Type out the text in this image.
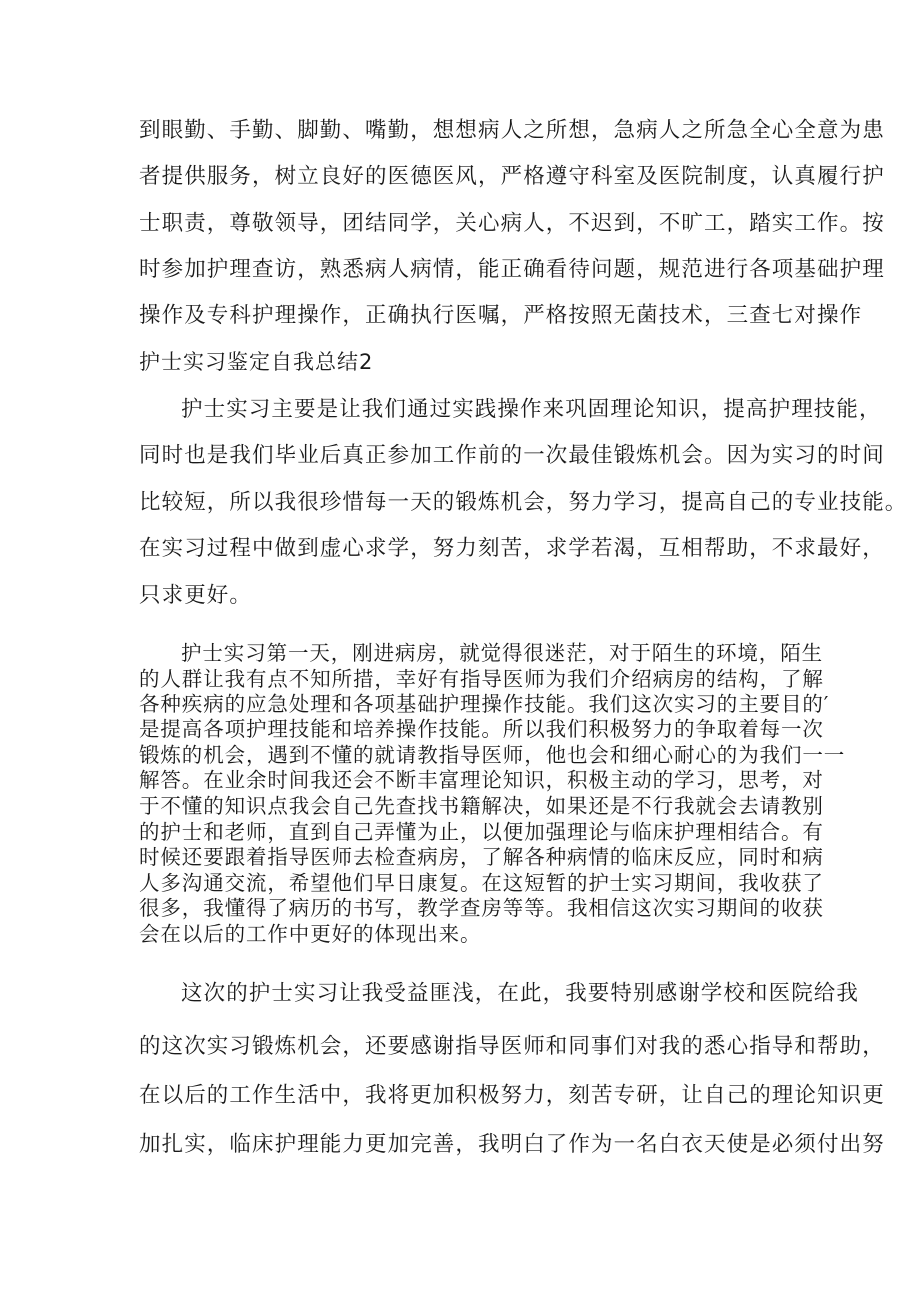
到眼勤、手勤、脚勤、嘴勤，想想病人之所想，急病人之所急全心全意为患
者提供服务，树立良好的医德医风，严格遵守科室及医院制度，认真履行护
士职责，尊敬领导，团结同学，关心病人，不迟到，不旷工，踏实工作。按
时参加护理查访，熟悉病人病情，能正确看待问题，规范进行各项基础护理
操作及专科护理操作，正确执行医嘱，严格按照无菌技术，三查七对操作
护士实习鉴定自我总结2
护士实习主要是让我们通过实践操作来巩固理论知识，提高护理技能，
同时也是我们毕业后真正参加工作前的一次最佳锻炼机会。因为实习的时间
比较短，所以我很珍惜每一天的锻炼机会，努力学习，提高自己的专业技能。
在实习过程中做到虚心求学，努力刻苦，求学若渴，互相帮助，不求最好，
只求更好。
护士实习第一天，刚进病房，就觉得很迷茫，对于陌生的环境，陌生
的人群让我有点不知所措，幸好有指导医师为我们介绍病房的结构，了解
各种疾病的应急处理和各项基础护理操作技能。我们这次实习的主要目的′
是提高各项护理技能和培养操作技能。所以我们积极努力的争取着每一次
锻炼的机会，遇到不懂的就请教指导医师，他也会和细心耐心的为我们一一
解答。在业余时间我还会不断丰富理论知识，积极主动的学习，思考，对
于不懂的知识点我会自己先查找书籍解决，如果还是不行我就会去请教别
的护士和老师，直到自己弄懂为止，以便加强理论与临床护理相结合。有
时候还要跟着指导医师去检查病房，了解各种病情的临床反应，同时和病
人多沟通交流，希望他们早日康复。在这短暂的护士实习期间，我收获了
很多，我懂得了病历的书写，教学查房等等。我相信这次实习期间的收获
会在以后的工作中更好的体现出来。
这次的护士实习让我受益匪浅，在此，我要特别感谢学校和医院给我
的这次实习锻炼机会，还要感谢指导医师和同事们对我的悉心指导和帮助，
在以后的工作生活中，我将更加积极努力，刻苦专研，让自己的理论知识更
加扎实，临床护理能力更加完善，我明白了作为一名白衣天使是必须付出努
